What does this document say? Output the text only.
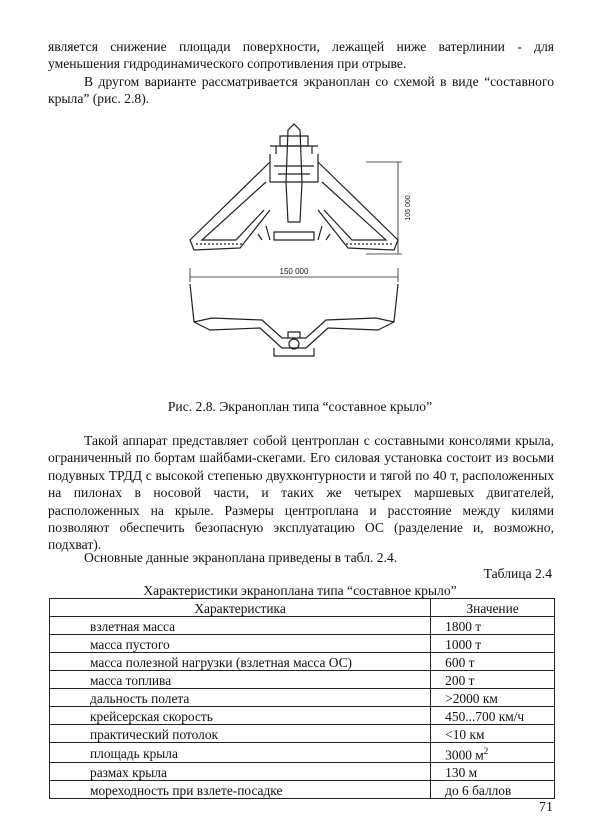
является снижение площади поверхности, лежащей ниже ватерлинии - для уменьшения гидродинамического сопротивления при отрыве.
В другом варианте рассматривается экраноплан со схемой в виде “составного крыла” (рис. 2.8).
150 000
105 000
Рис. 2.8. Экраноплан типа “составное крыло”
Такой аппарат представляет собой центроплан с составными консолями крыла, ограниченный по бортам шайбами-скегами. Его силовая установка состоит из восьми подувных ТРДД с высокой степенью двухконтурности и тягой по 40 т, расположенных на пилонах в носовой части, и таких же четырех маршевых двигателей, расположенных на крыле. Размеры центроплана и расстояние между килями позволяют обеспечить безопасную эксплуатацию ОС (разделение и, возможно, подхват).
Основные данные экраноплана приведены в табл. 2.4.
Таблица 2.4
Характеристики экраноплана типа “составное крыло”
Характеристика	Значение
взлетная масса	1800 т
масса пустого	1000 т
масса полезной нагрузки (взлетная масса ОС)	600 т
масса топлива	200 т
дальность полета	>2000 км
крейсерская скорость	450...700 км/ч
практический потолок	<10 км
площадь крыла	3000 $м^2$
размах крыла	130 м
мореходность при взлете-посадке	до 6 баллов
71
